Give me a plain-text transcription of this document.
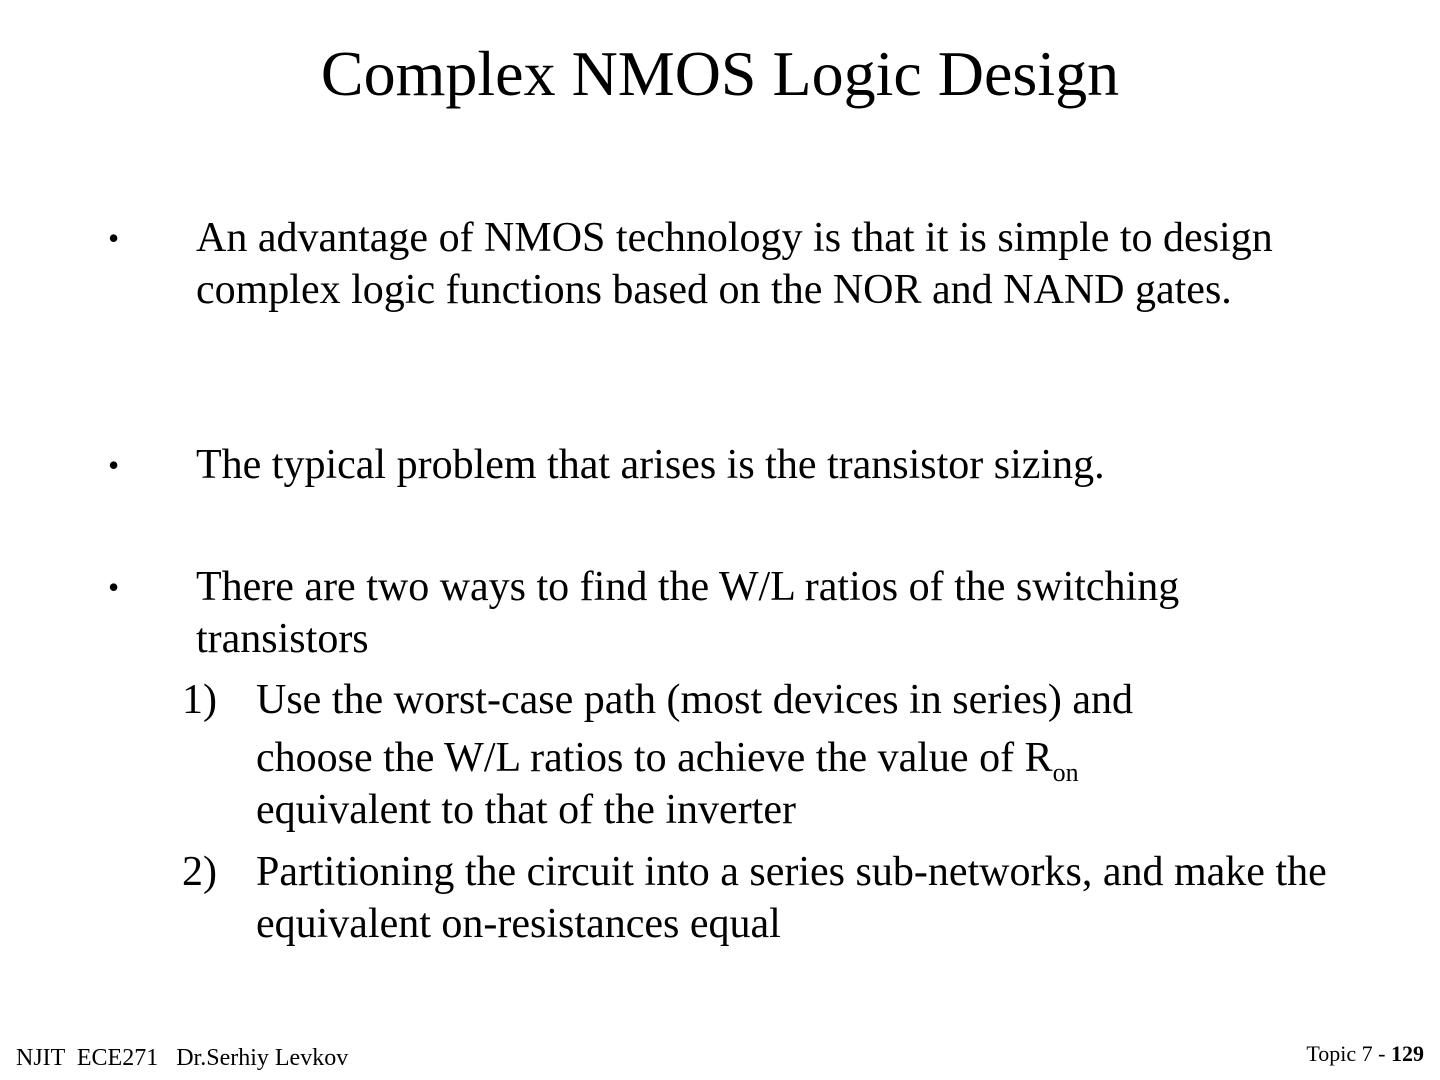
Complex NMOS Logic Design
• An advantage of NMOS technology is that it is simple to design complex logic functions based on the NOR and NAND gates.
• The typical problem that arises is the transistor sizing.
• There are two ways to find the W/L ratios of the switching transistors
1) Use the worst-case path (most devices in series) and
choose the W/L ratios to achieve the value of $R_{on}$
equivalent to that of the inverter
2) Partitioning the circuit into a series sub-networks, and make the equivalent on-resistances equal
NJIT  ECE271   Dr.Serhiy Levkov	Topic 7 - 129
